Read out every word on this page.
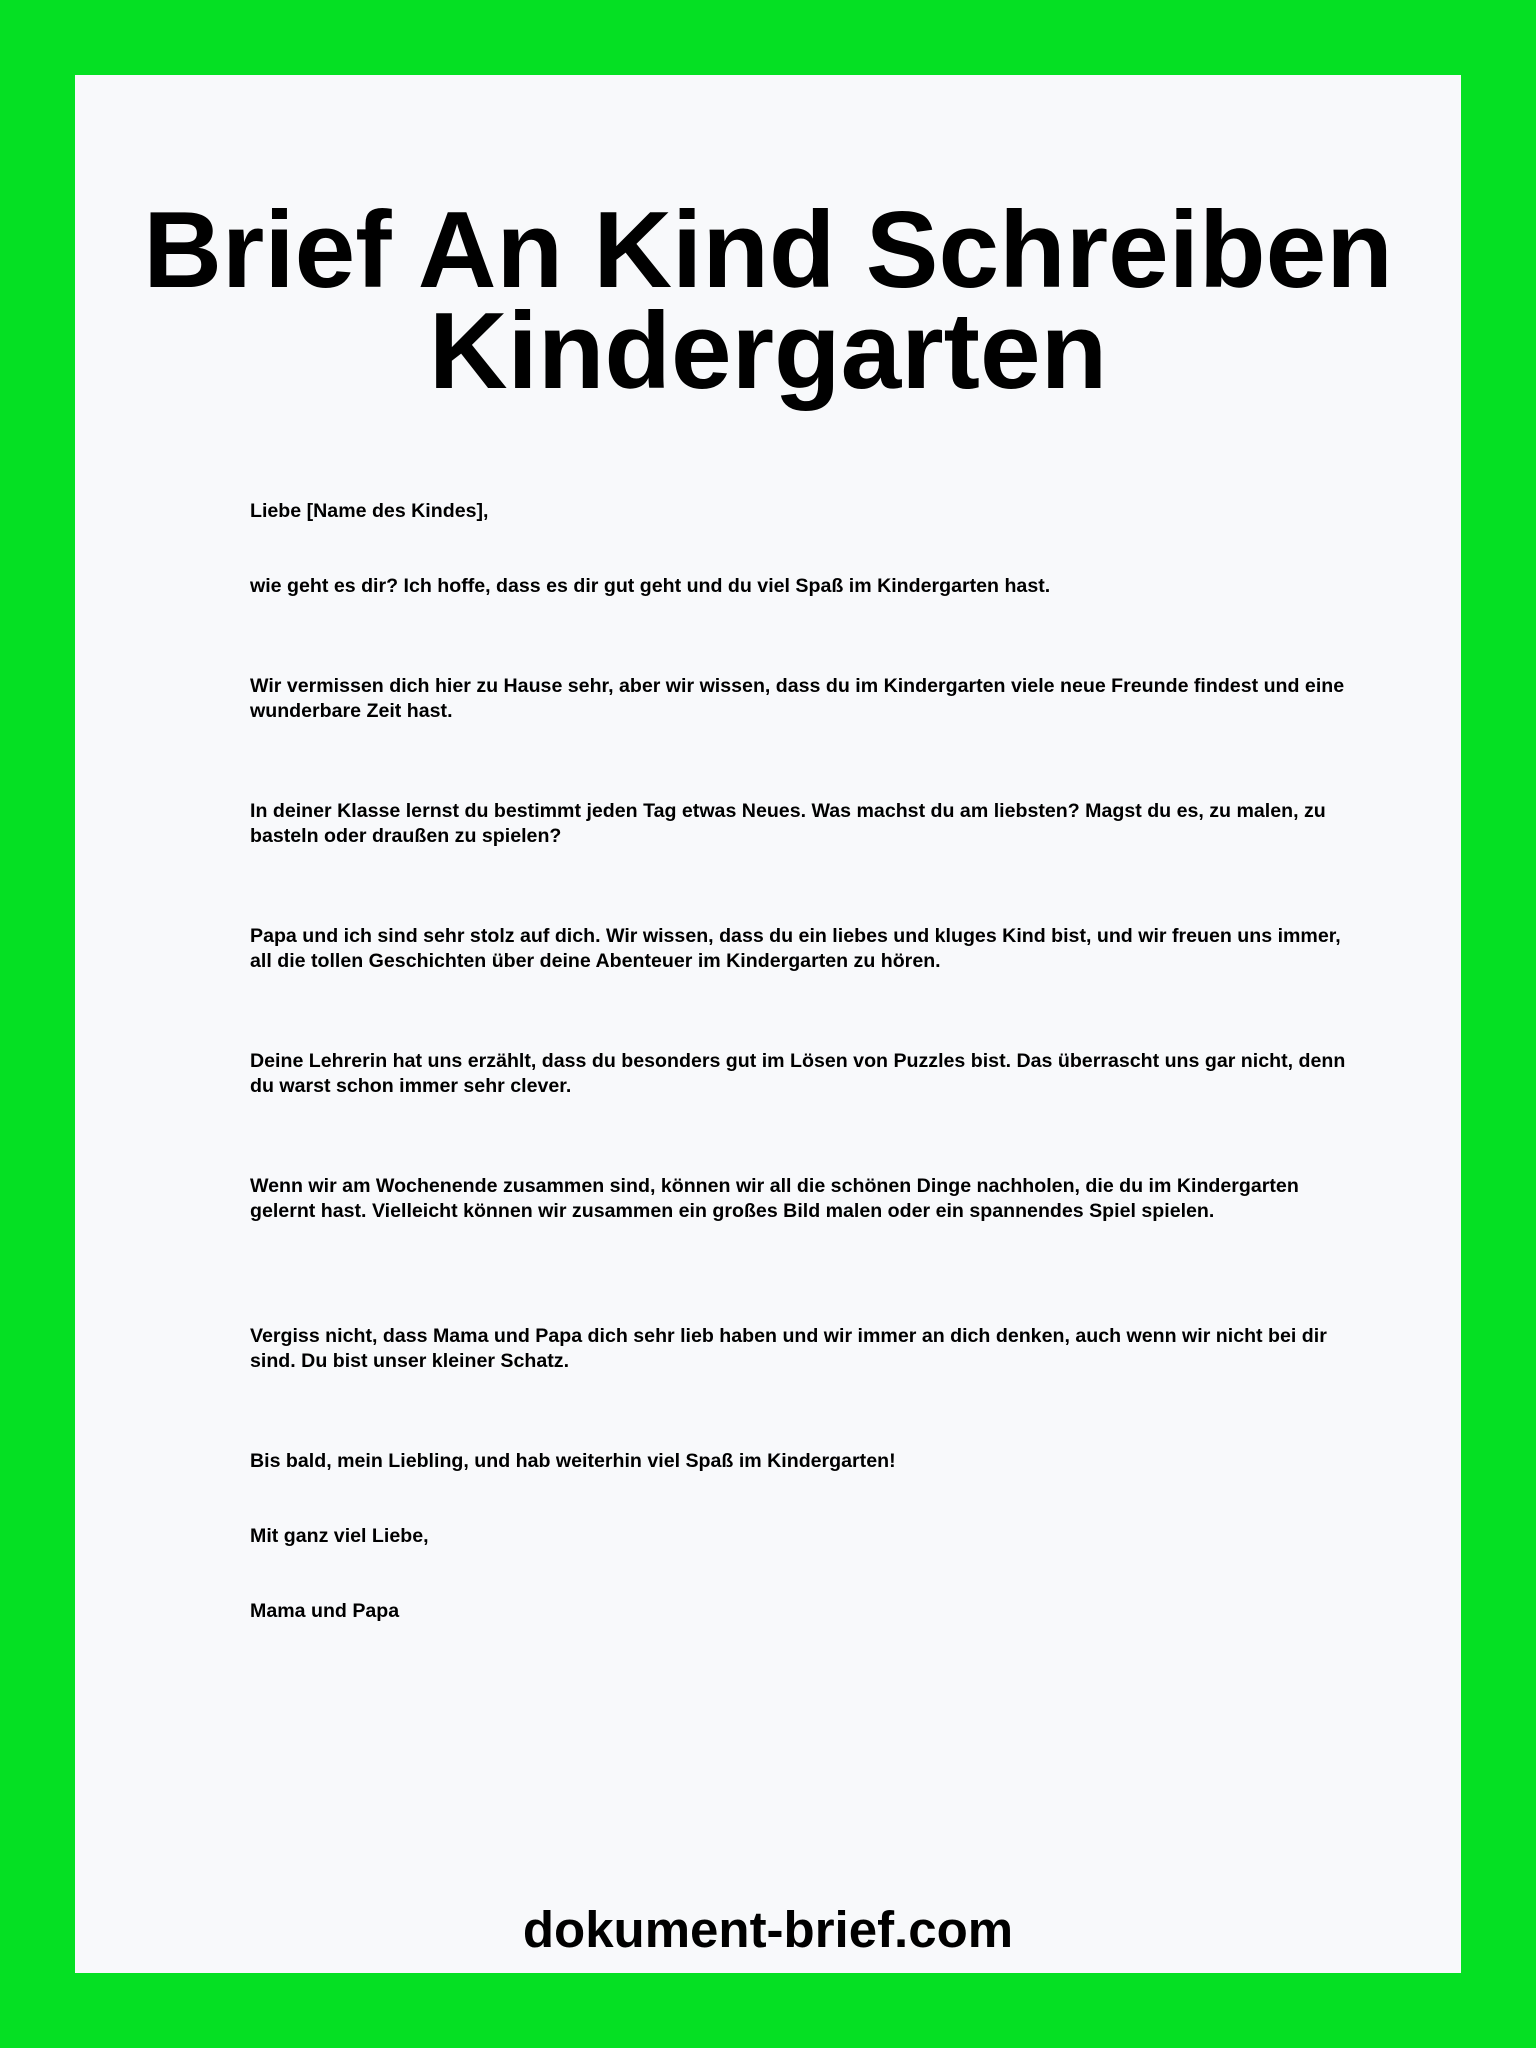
Brief An Kind Schreiben
Kindergarten

Liebe [Name des Kindes],

wie geht es dir? Ich hoffe, dass es dir gut geht und du viel Spaß im Kindergarten hast.

Wir vermissen dich hier zu Hause sehr, aber wir wissen, dass du im Kindergarten viele neue Freunde findest und eine wunderbare Zeit hast.

In deiner Klasse lernst du bestimmt jeden Tag etwas Neues. Was machst du am liebsten? Magst du es, zu malen, zu basteln oder draußen zu spielen?

Papa und ich sind sehr stolz auf dich. Wir wissen, dass du ein liebes und kluges Kind bist, und wir freuen uns immer, all die tollen Geschichten über deine Abenteuer im Kindergarten zu hören.

Deine Lehrerin hat uns erzählt, dass du besonders gut im Lösen von Puzzles bist. Das überrascht uns gar nicht, denn du warst schon immer sehr clever.

Wenn wir am Wochenende zusammen sind, können wir all die schönen Dinge nachholen, die du im Kindergarten gelernt hast. Vielleicht können wir zusammen ein großes Bild malen oder ein spannendes Spiel spielen.

Vergiss nicht, dass Mama und Papa dich sehr lieb haben und wir immer an dich denken, auch wenn wir nicht bei dir sind. Du bist unser kleiner Schatz.

Bis bald, mein Liebling, und hab weiterhin viel Spaß im Kindergarten!

Mit ganz viel Liebe,

Mama und Papa

dokument-brief.com
